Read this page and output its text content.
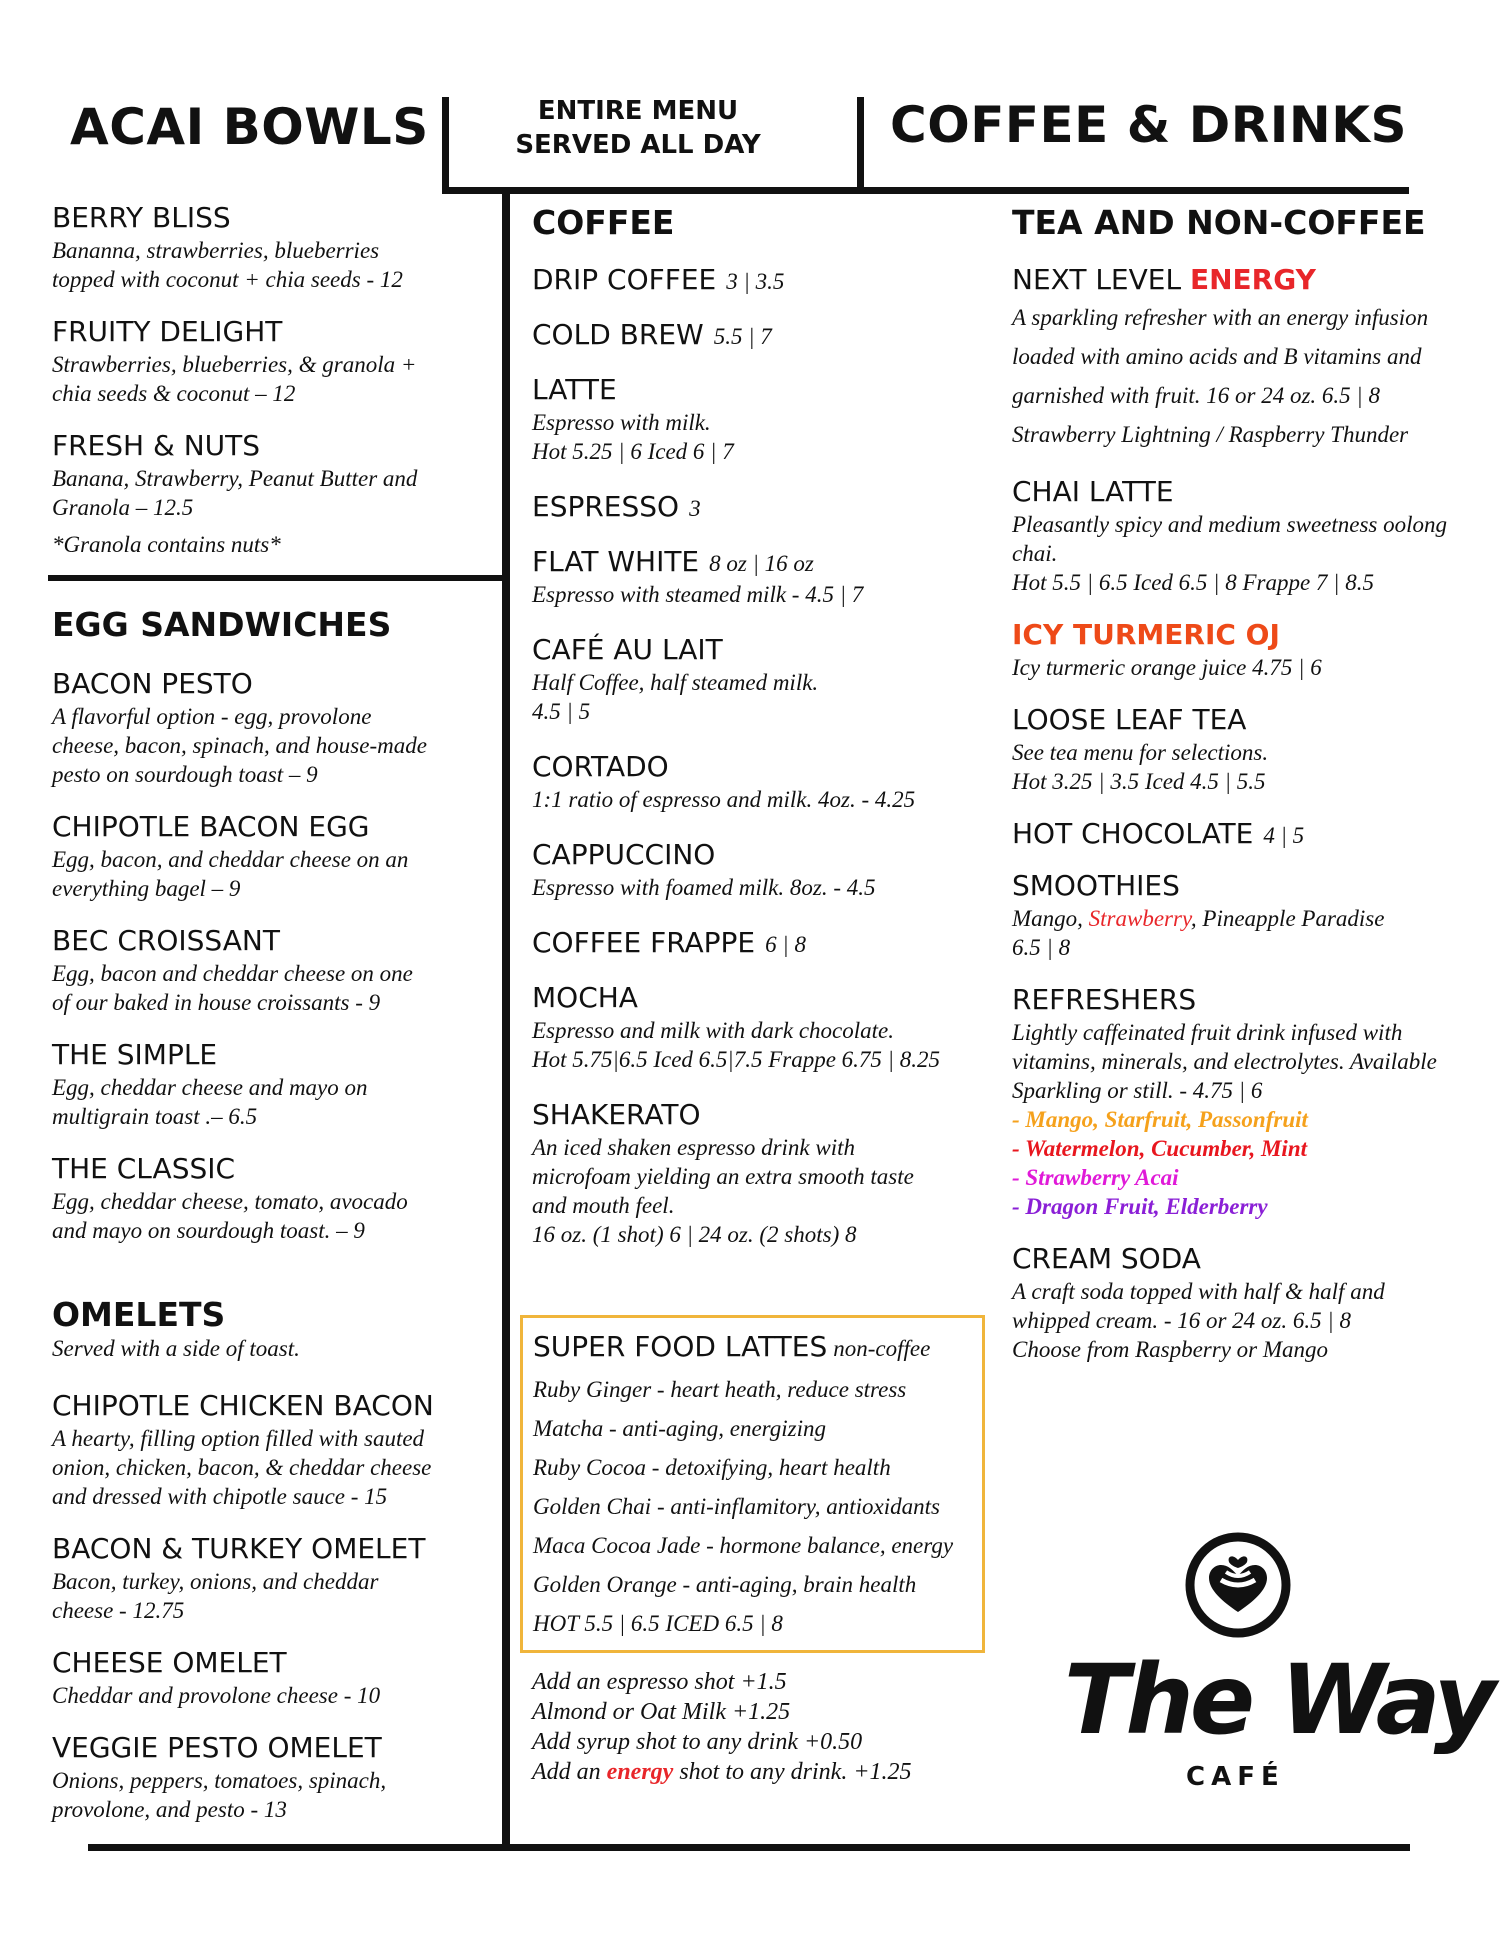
ACAI BOWLS	ENTIRE MENU
SERVED ALL DAY	COFFEE & DRINKS
BERRY BLISS
Bananna, strawberries, blueberries
topped with coconut + chia seeds - 12
FRUITY DELIGHT
Strawberries, blueberries, & granola +
chia seeds & coconut – 12
FRESH & NUTS
Banana, Strawberry, Peanut Butter and
Granola – 12.5
*Granola contains nuts*
EGG SANDWICHES
BACON PESTO
A flavorful option - egg, provolone
cheese, bacon, spinach, and house-made
pesto on sourdough toast – 9
CHIPOTLE BACON EGG
Egg, bacon, and cheddar cheese on an
everything bagel – 9
BEC CROISSANT
Egg, bacon and cheddar cheese on one
of our baked in house croissants - 9
THE SIMPLE
Egg, cheddar cheese and mayo on
multigrain toast .– 6.5
THE CLASSIC
Egg, cheddar cheese, tomato, avocado
and mayo on sourdough toast. – 9
OMELETS
Served with a side of toast.
CHIPOTLE CHICKEN BACON
A hearty, filling option filled with sauted
onion, chicken, bacon, & cheddar cheese
and dressed with chipotle sauce - 15
BACON & TURKEY OMELET
Bacon, turkey, onions, and cheddar
cheese - 12.75
CHEESE OMELET
Cheddar and provolone cheese - 10
VEGGIE PESTO OMELET
Onions, peppers, tomatoes, spinach,
provolone, and pesto - 13
COFFEE
DRIP COFFEE 3 | 3.5
COLD BREW 5.5 | 7
LATTE
Espresso with milk.
Hot 5.25 | 6 Iced 6 | 7
ESPRESSO 3
FLAT WHITE 8 oz | 16 oz
Espresso with steamed milk - 4.5 | 7
CAFÉ AU LAIT
Half Coffee, half steamed milk.
4.5 | 5
CORTADO
1:1 ratio of espresso and milk. 4oz. - 4.25
CAPPUCCINO
Espresso with foamed milk. 8oz. - 4.5
COFFEE FRAPPE 6 | 8
MOCHA
Espresso and milk with dark chocolate.
Hot 5.75|6.5 Iced 6.5|7.5 Frappe 6.75 | 8.25
SHAKERATO
An iced shaken espresso drink with
microfoam yielding an extra smooth taste
and mouth feel.
16 oz. (1 shot) 6 | 24 oz. (2 shots) 8
SUPER FOOD LATTES non-coffee
Ruby Ginger - heart heath, reduce stress
Matcha - anti-aging, energizing
Ruby Cocoa - detoxifying, heart health
Golden Chai - anti-inflamitory, antioxidants
Maca Cocoa Jade - hormone balance, energy
Golden Orange - anti-aging, brain health
HOT 5.5 | 6.5 ICED 6.5 | 8
Add an espresso shot +1.5
Almond or Oat Milk +1.25
Add syrup shot to any drink +0.50
Add an energy shot to any drink. +1.25
TEA AND NON-COFFEE
NEXT LEVEL ENERGY
A sparkling refresher with an energy infusion
loaded with amino acids and B vitamins and
garnished with fruit. 16 or 24 oz. 6.5 | 8
Strawberry Lightning / Raspberry Thunder
CHAI LATTE
Pleasantly spicy and medium sweetness oolong
chai.
Hot 5.5 | 6.5 Iced 6.5 | 8 Frappe 7 | 8.5
ICY TURMERIC OJ
Icy turmeric orange juice 4.75 | 6
LOOSE LEAF TEA
See tea menu for selections.
Hot 3.25 | 3.5 Iced 4.5 | 5.5
HOT CHOCOLATE 4 | 5
SMOOTHIES
Mango, Strawberry, Pineapple Paradise
6.5 | 8
REFRESHERS
Lightly caffeinated fruit drink infused with
vitamins, minerals, and electrolytes. Available
Sparkling or still. - 4.75 | 6
- Mango, Starfruit, Passonfruit
- Watermelon, Cucumber, Mint
- Strawberry Acai
- Dragon Fruit, Elderberry
CREAM SODA
A craft soda topped with half & half and
whipped cream. - 16 or 24 oz. 6.5 | 8
Choose from Raspberry or Mango
The Way
CAFÉ
